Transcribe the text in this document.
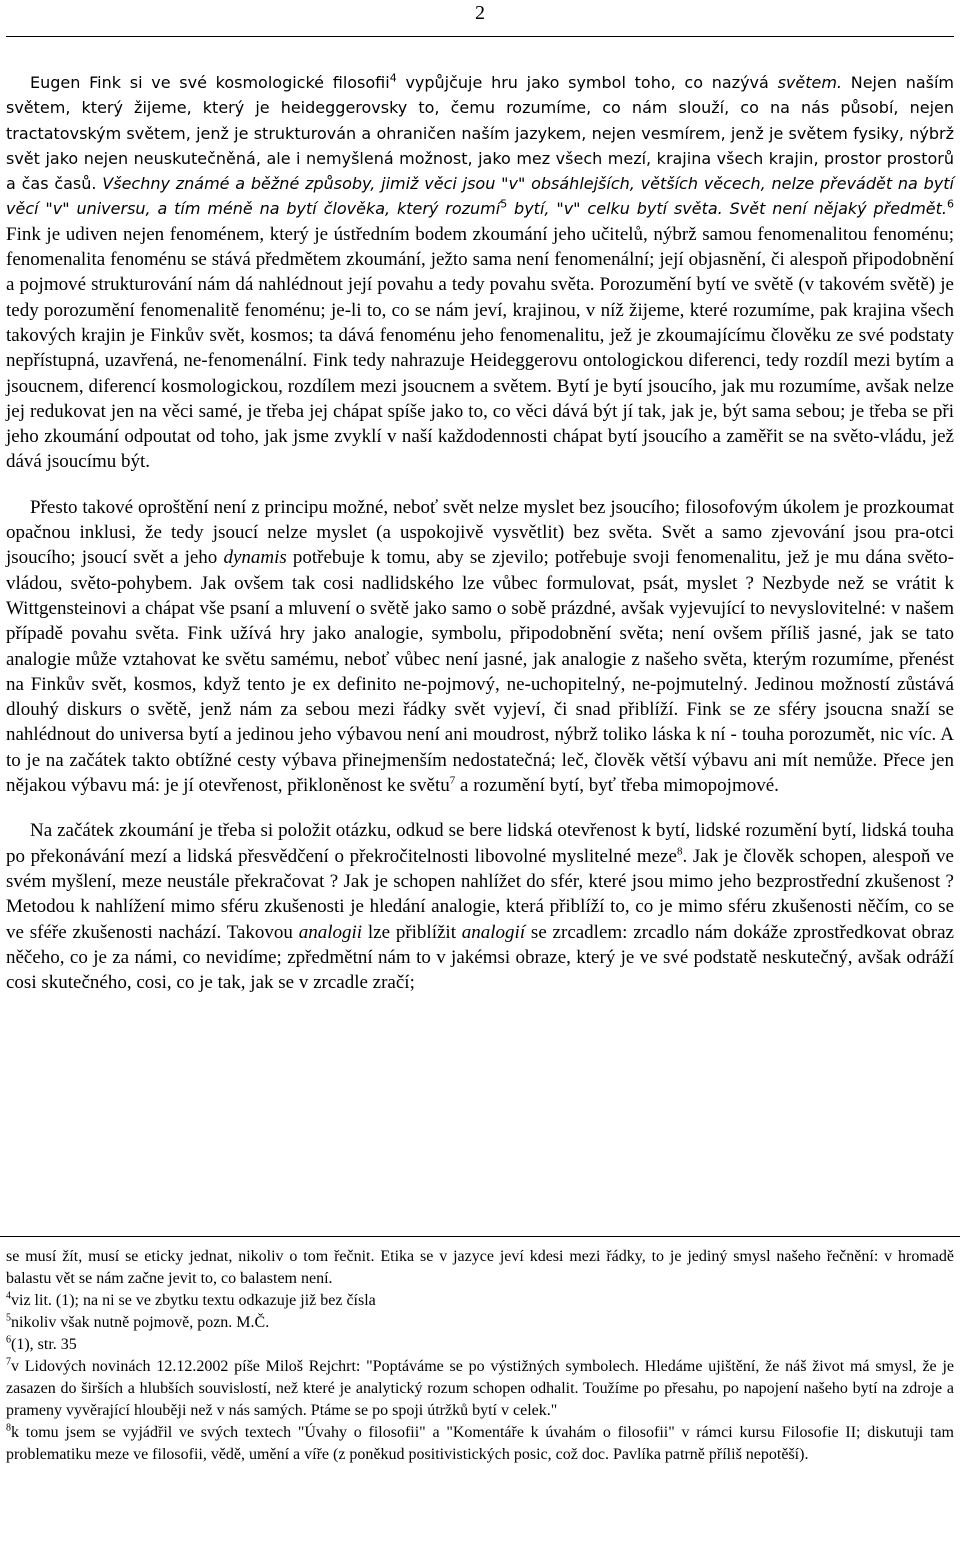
2

Eugen Fink si ve své kosmologické filosofii$^4$ vypůjčuje hru jako symbol toho, co nazývá světem. Nejen naším světem, který žijeme, který je heideggerovsky to, čemu rozumíme, co nám slouží, co na nás působí, nejen tractatovským světem, jenž je strukturován a ohraničen naším jazykem, nejen vesmírem, jenž je světem fysiky, nýbrž svět jako nejen neuskutečněná, ale i nemyšlená možnost, jako mez všech mezí, krajina všech krajin, prostor prostorů a čas časů. Všechny známé a běžné způsoby, jimiž věci jsou "v" obsáhlejších, větších věcech, nelze převádět na bytí věcí "v" universu, a tím méně na bytí člověka, který rozumí$^5$ bytí, "v" celku bytí světa. Svět není nějaký předmět.$^6$ Fink je udiven nejen fenoménem, který je ústředním bodem zkoumání jeho učitelů, nýbrž samou fenomenalitou fenoménu; fenomenalita fenoménu se stává předmětem zkoumání, ježto sama není fenomenální; její objasnění, či alespoň připodobnění a pojmové strukturování nám dá nahlédnout její povahu a tedy povahu světa. Porozumění bytí ve světě (v takovém světě) je tedy porozumění fenomenalitě fenoménu; je-li to, co se nám jeví, krajinou, v níž žijeme, které rozumíme, pak krajina všech takových krajin je Finkův svět, kosmos; ta dává fenoménu jeho fenomenalitu, jež je zkoumajícímu člověku ze své podstaty nepřístupná, uzavřená, ne-fenomenální. Fink tedy nahrazuje Heideggerovu ontologickou diferenci, tedy rozdíl mezi bytím a jsoucnem, diferencí kosmologickou, rozdílem mezi jsoucnem a světem. Bytí je bytí jsoucího, jak mu rozumíme, avšak nelze jej redukovat jen na věci samé, je třeba jej chápat spíše jako to, co věci dává být jí tak, jak je, být sama sebou; je třeba se při jeho zkoumání odpoutat od toho, jak jsme zvyklí v naší každodennosti chápat bytí jsoucího a zaměřit se na světo-vládu, jež dává jsoucímu být.

Přesto takové oproštění není z principu možné, neboť svět nelze myslet bez jsoucího; filosofovým úkolem je prozkoumat opačnou inklusi, že tedy jsoucí nelze myslet (a uspokojivě vysvětlit) bez světa. Svět a samo zjevování jsou pra-otci jsoucího; jsoucí svět a jeho dynamis potřebuje k tomu, aby se zjevilo; potřebuje svoji fenomenalitu, jež je mu dána světo-vládou, světo-pohybem. Jak ovšem tak cosi nadlidského lze vůbec formulovat, psát, myslet ? Nezbyde než se vrátit k Wittgensteinovi a chápat vše psaní a mluvení o světě jako samo o sobě prázdné, avšak vyjevující to nevyslovitelné: v našem případě povahu světa. Fink užívá hry jako analogie, symbolu, připodobnění světa; není ovšem příliš jasné, jak se tato analogie může vztahovat ke světu samému, neboť vůbec není jasné, jak analogie z našeho světa, kterým rozumíme, přenést na Finkův svět, kosmos, když tento je ex definito ne-pojmový, ne-uchopitelný, ne-pojmutelný. Jedinou možností zůstává dlouhý diskurs o světě, jenž nám za sebou mezi řádky svět vyjeví, či snad přiblíží. Fink se ze sféry jsoucna snaží se nahlédnout do universa bytí a jedinou jeho výbavou není ani moudrost, nýbrž toliko láska k ní - touha porozumět, nic víc. A to je na začátek takto obtížné cesty výbava přinejmenším nedostatečná; leč, člověk větší výbavu ani mít nemůže. Přece jen nějakou výbavu má: je jí otevřenost, přikloněnost ke světu$^7$ a rozumění bytí, byť třeba mimopojmové.

Na začátek zkoumání je třeba si položit otázku, odkud se bere lidská otevřenost k bytí, lidské rozumění bytí, lidská touha po překonávání mezí a lidská přesvědčení o překročitelnosti libovolné myslitelné meze$^8$. Jak je člověk schopen, alespoň ve svém myšlení, meze neustále překračovat ? Jak je schopen nahlížet do sfér, které jsou mimo jeho bezprostřední zkušenost ? Metodou k nahlížení mimo sféru zkušenosti je hledání analogie, která přiblíží to, co je mimo sféru zkušenosti něčím, co se ve sféře zkušenosti nachází. Takovou analogii lze přiblížit analogií se zrcadlem: zrcadlo nám dokáže zprostředkovat obraz něčeho, co je za námi, co nevidíme; zpředmětní nám to v jakémsi obraze, který je ve své podstatě neskutečný, avšak odráží cosi skutečného, cosi, co je tak, jak se v zrcadle zračí;

se musí žít, musí se eticky jednat, nikoliv o tom řečnit. Etika se v jazyce jeví kdesi mezi řádky, to je jediný smysl našeho řečnění: v hromadě balastu vět se nám začne jevit to, co balastem není.

$^4$viz lit. (1); na ni se ve zbytku textu odkazuje již bez čísla

$^5$nikoliv však nutně pojmově, pozn. M.Č.

$^6$(1), str. 35

$^7$v Lidových novinách 12.12.2002 píše Miloš Rejchrt: "Poptáváme se po výstižných symbolech. Hledáme ujištění, že náš život má smysl, že je zasazen do širších a hlubších souvislostí, než které je analytický rozum schopen odhalit. Toužíme po přesahu, po napojení našeho bytí na zdroje a prameny vyvěrající hlouběji než v nás samých. Ptáme se po spoji útržků bytí v celek."

$^8$k tomu jsem se vyjádřil ve svých textech "Úvahy o filosofii" a "Komentáře k úvahám o filosofii" v rámci kursu Filosofie II; diskutuji tam problematiku meze ve filosofii, vědě, umění a víře (z poněkud positivistických posic, což doc. Pavlíka patrně příliš nepotěší).
